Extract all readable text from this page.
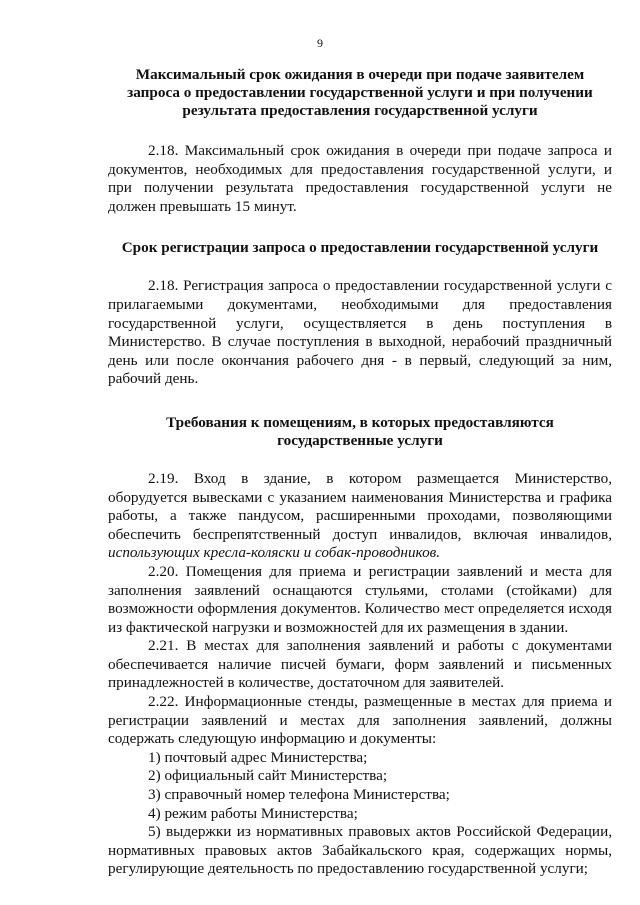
9

Максимальный срок ожидания в очереди при подаче заявителем запроса о предоставлении государственной услуги и при получении результата предоставления государственной услуги

2.18. Максимальный срок ожидания в очереди при подаче запроса и документов, необходимых для предоставления государственной услуги, и при получении результата предоставления государственной услуги не должен превышать 15 минут.

Срок регистрации запроса о предоставлении государственной услуги

2.18. Регистрация запроса о предоставлении государственной услуги с прилагаемыми документами, необходимыми для предоставления государственной услуги, осуществляется в день поступления в Министерство. В случае поступления в выходной, нерабочий праздничный день или после окончания рабочего дня - в первый, следующий за ним, рабочий день.

Требования к помещениям, в которых предоставляются государственные услуги

2.19. Вход в здание, в котором размещается Министерство, оборудуется вывесками с указанием наименования Министерства и графика работы, а также пандусом, расширенными проходами, позволяющими обеспечить беспрепятственный доступ инвалидов, включая инвалидов, использующих кресла-коляски и собак-проводников.

2.20. Помещения для приема и регистрации заявлений и места для заполнения заявлений оснащаются стульями, столами (стойками) для возможности оформления документов. Количество мест определяется исходя из фактической нагрузки и возможностей для их размещения в здании.

2.21. В местах для заполнения заявлений и работы с документами обеспечивается наличие писчей бумаги, форм заявлений и письменных принадлежностей в количестве, достаточном для заявителей.

2.22. Информационные стенды, размещенные в местах для приема и регистрации заявлений и местах для заполнения заявлений, должны содержать следующую информацию и документы:

1) почтовый адрес Министерства;

2) официальный сайт Министерства;

3) справочный номер телефона Министерства;

4) режим работы Министерства;

5) выдержки из нормативных правовых актов Российской Федерации, нормативных правовых актов Забайкальского края, содержащих нормы, регулирующие деятельность по предоставлению государственной услуги;
